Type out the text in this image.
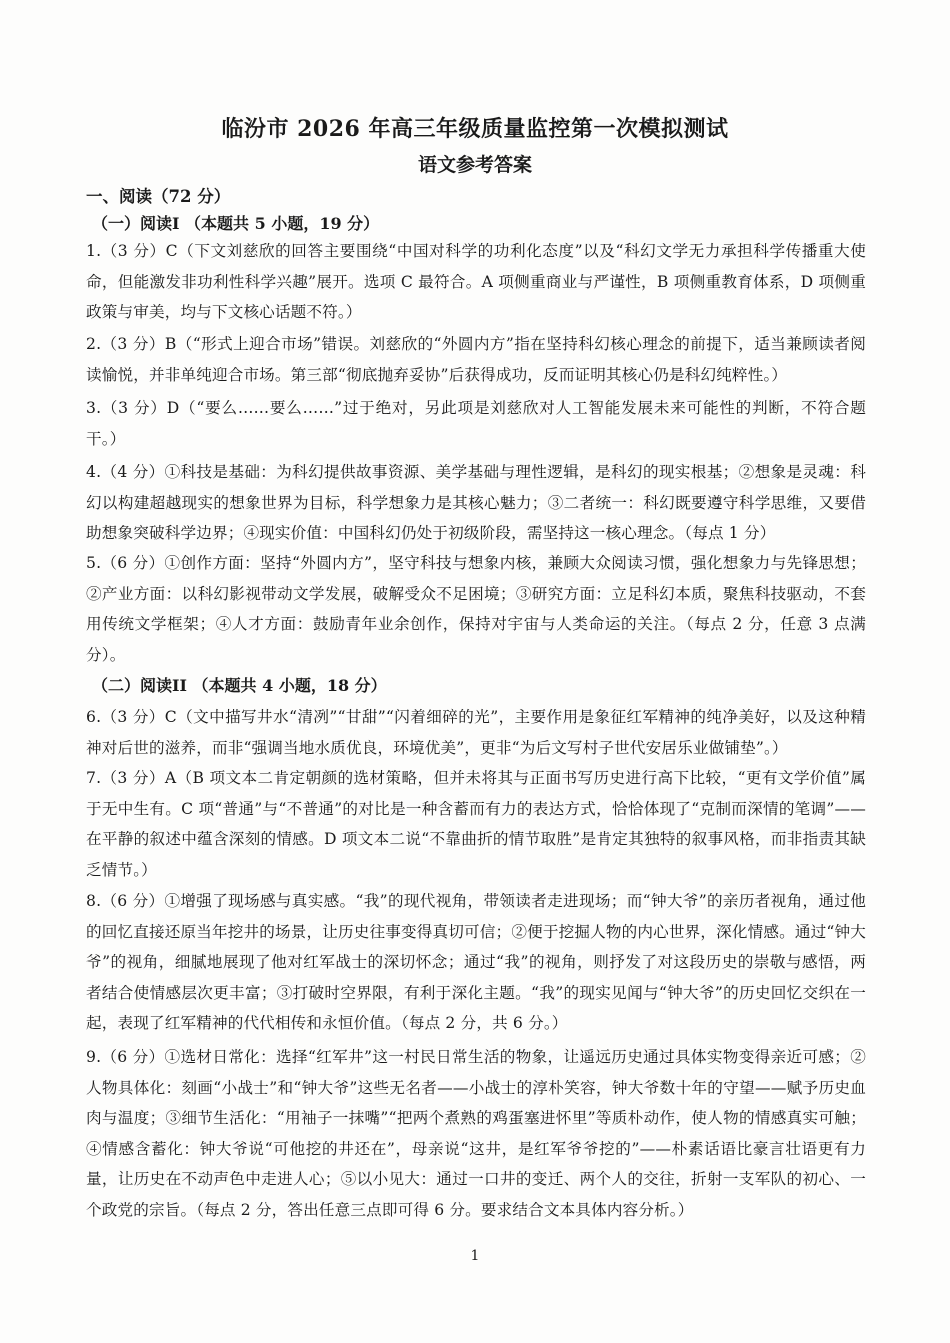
临汾市 2026 年高三年级质量监控第一次模拟测试
语文参考答案
一、阅读（72 分）
（一）阅读I （本题共 5 小题，19 分）
1.（3 分）C（下文刘慈欣的回答主要围绕“中国对科学的功利化态度”以及“科幻文学无力承担科学传播重大使命，但能激发非功利性科学兴趣”展开。选项 C 最符合。A 项侧重商业与严谨性，B 项侧重教育体系，D 项侧重政策与审美，均与下文核心话题不符。）
2.（3 分）B（“形式上迎合市场”错误。刘慈欣的“外圆内方”指在坚持科幻核心理念的前提下，适当兼顾读者阅读愉悦，并非单纯迎合市场。第三部“彻底抛弃妥协”后获得成功，反而证明其核心仍是科幻纯粹性。）
3.（3 分）D（“要么……要么……”过于绝对，另此项是刘慈欣对人工智能发展未来可能性的判断，不符合题干。）
4.（4 分）①科技是基础：为科幻提供故事资源、美学基础与理性逻辑，是科幻的现实根基；②想象是灵魂：科幻以构建超越现实的想象世界为目标，科学想象力是其核心魅力；③二者统一：科幻既要遵守科学思维，又要借助想象突破科学边界；④现实价值：中国科幻仍处于初级阶段，需坚持这一核心理念。（每点 1 分）
5.（6 分）①创作方面：坚持“外圆内方”，坚守科技与想象内核，兼顾大众阅读习惯，强化想象力与先锋思想；②产业方面：以科幻影视带动文学发展，破解受众不足困境；③研究方面：立足科幻本质，聚焦科技驱动，不套用传统文学框架；④人才方面：鼓励青年业余创作，保持对宇宙与人类命运的关注。（每点 2 分，任意 3 点满分）。
（二）阅读II （本题共 4 小题，18 分）
6.（3 分）C（文中描写井水“清冽”“甘甜”“闪着细碎的光”，主要作用是象征红军精神的纯净美好，以及这种精神对后世的滋养，而非“强调当地水质优良，环境优美”，更非“为后文写村子世代安居乐业做铺垫”。）
7.（3 分）A（B 项文本二肯定朝颜的选材策略，但并未将其与正面书写历史进行高下比较，“更有文学价值”属于无中生有。C 项“普通”与“不普通”的对比是一种含蓄而有力的表达方式，恰恰体现了“克制而深情的笔调”——在平静的叙述中蕴含深刻的情感。D 项文本二说“不靠曲折的情节取胜”是肯定其独特的叙事风格，而非指责其缺乏情节。）
8.（6 分）①增强了现场感与真实感。“我”的现代视角，带领读者走进现场；而“钟大爷”的亲历者视角，通过他的回忆直接还原当年挖井的场景，让历史往事变得真切可信；②便于挖掘人物的内心世界，深化情感。通过“钟大爷”的视角，细腻地展现了他对红军战士的深切怀念；通过“我”的视角，则抒发了对这段历史的崇敬与感悟，两者结合使情感层次更丰富；③打破时空界限，有利于深化主题。“我”的现实见闻与“钟大爷”的历史回忆交织在一起，表现了红军精神的代代相传和永恒价值。（每点 2 分，共 6 分。）
9.（6 分）①选材日常化：选择“红军井”这一村民日常生活的物象，让遥远历史通过具体实物变得亲近可感；②人物具体化：刻画“小战士”和“钟大爷”这些无名者——小战士的淳朴笑容，钟大爷数十年的守望——赋予历史血肉与温度；③细节生活化：“用袖子一抹嘴”“把两个煮熟的鸡蛋塞进怀里”等质朴动作，使人物的情感真实可触；④情感含蓄化：钟大爷说“可他挖的井还在”，母亲说“这井，是红军爷爷挖的”——朴素话语比豪言壮语更有力量，让历史在不动声色中走进人心；⑤以小见大：通过一口井的变迁、两个人的交往，折射一支军队的初心、一个政党的宗旨。（每点 2 分，答出任意三点即可得 6 分。要求结合文本具体内容分析。）
1
